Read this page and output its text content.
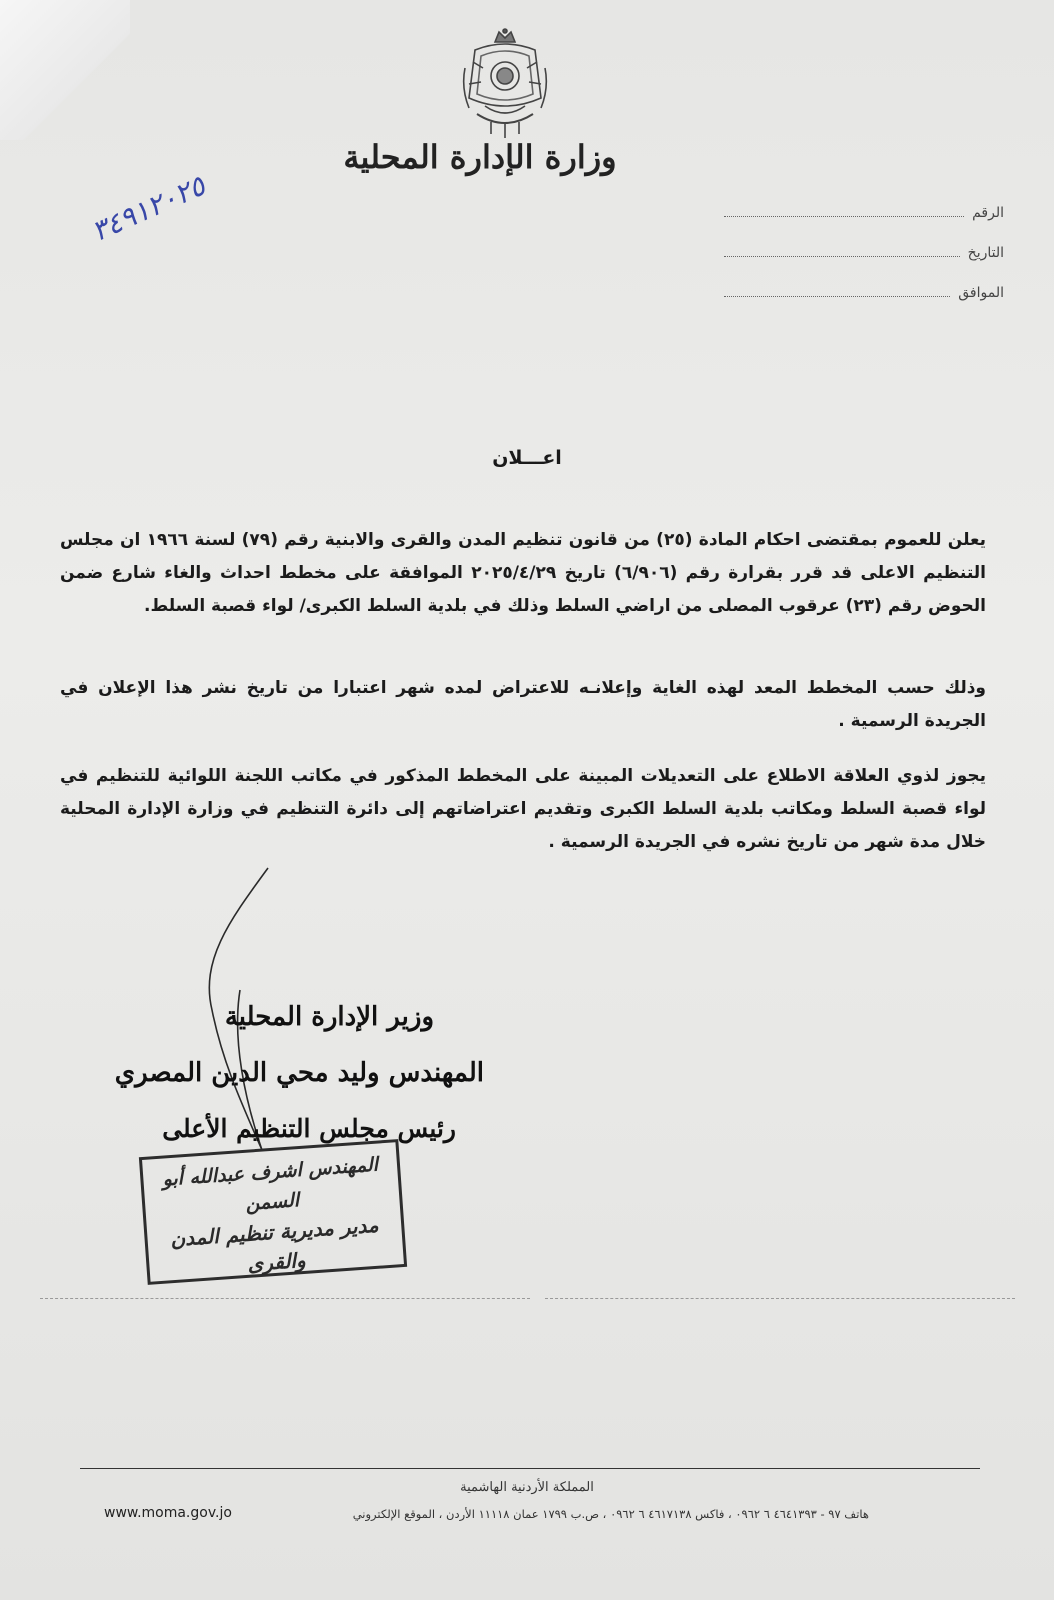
وزارة الإدارة المحلية
الرقم
التاريخ
الموافق
٣٤٩١٢٠٢٥
اعـــلان
يعلن للعموم بمقتضى احكام المادة (٢٥) من قانون تنظيم المدن والقرى والابنية رقم (٧٩) لسنة ١٩٦٦ ان مجلس التنظيم الاعلى قد قرر بقرارة رقم (٦/٩٠٦) تاريخ ٢٠٢٥/٤/٢٩ الموافقة على مخطط احداث والغاء شارع ضمن الحوض رقم (٢٣) عرقوب المصلى من اراضي السلط وذلك في بلدية السلط الكبرى/ لواء قصبة السلط.
وذلك حسب المخطط المعد لهذه الغاية وإعلانـه للاعتراض لمده شهر اعتبارا من تاريخ نشر هذا الإعلان في الجريدة الرسمية .
يجوز لذوي العلاقة الاطلاع على التعديلات المبينة على المخطط المذكور في مكاتب اللجنة اللوائية للتنظيم في لواء قصبة السلط ومكاتب بلدية السلط الكبرى وتقديم اعتراضاتهم إلى دائرة التنظيم في وزارة الإدارة المحلية خلال مدة شهر من تاريخ نشره في الجريدة الرسمية .
وزير الإدارة المحلية
المهندس وليد محي الدين المصري
رئيس مجلس التنظيم الأعلى
المهندس اشرف عبدالله أبو السمن
مدير مديرية تنظيم المدن والقرى
المملكة الأردنية الهاشمية
هاتف ٩٧ - ٤٦٤١٣٩٣ ٦ ٠٩٦٢ ، فاكس ٤٦١٧١٣٨ ٦ ٠٩٦٢ ، ص.ب ١٧٩٩ عمان ١١١١٨ الأردن ، الموقع الإلكتروني
www.moma.gov.jo
